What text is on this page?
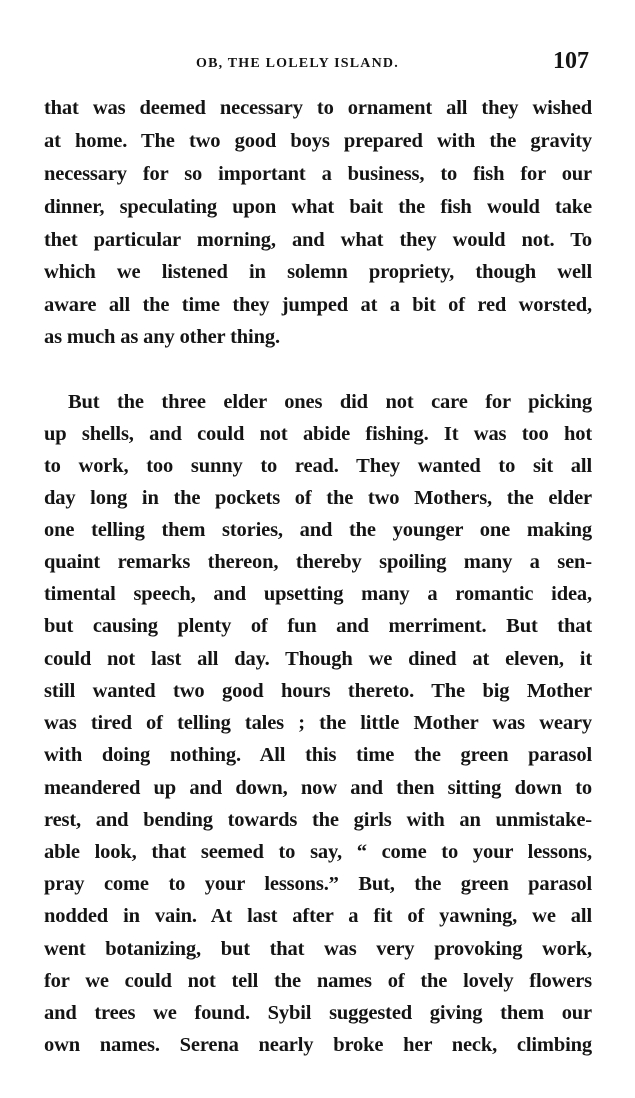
OB, THE LOLELY ISLAND.	107
that was deemed necessary to ornament all they wished
at home. The two good boys prepared with the gravity
necessary for so important a business, to fish for our
dinner, speculating upon what bait the fish would take
thet particular morning, and what they would not. To
which we listened in solemn propriety, though well
aware all the time they jumped at a bit of red worsted,
as much as any other thing.
But the three elder ones did not care for picking
up shells, and could not abide fishing. It was too hot
to work, too sunny to read. They wanted to sit all
day long in the pockets of the two Mothers, the elder
one telling them stories, and the younger one making
quaint remarks thereon, thereby spoiling many a sen-
timental speech, and upsetting many a romantic idea,
but causing plenty of fun and merriment. But that
could not last all day. Though we dined at eleven, it
still wanted two good hours thereto. The big Mother
was tired of telling tales ; the little Mother was weary
with doing nothing. All this time the green parasol
meandered up and down, now and then sitting down to
rest, and bending towards the girls with an unmistake-
able look, that seemed to say, “ come to your lessons,
pray come to your lessons.” But, the green parasol
nodded in vain. At last after a fit of yawning, we all
went botanizing, but that was very provoking work,
for we could not tell the names of the lovely flowers
and trees we found. Sybil suggested giving them our
own names. Serena nearly broke her neck, climbing
